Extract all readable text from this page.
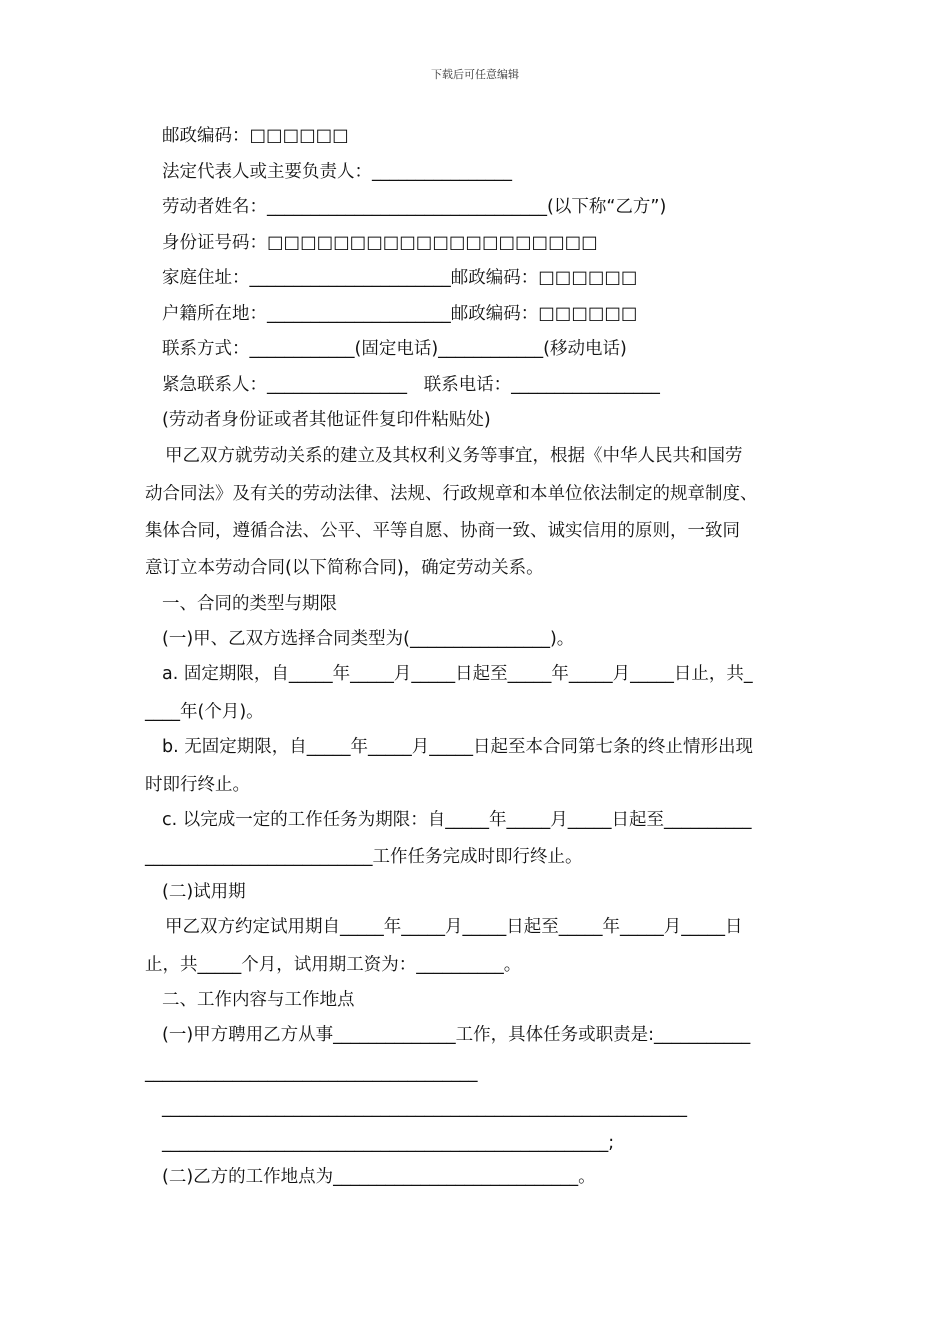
下载后可任意编辑
邮政编码：□□□□□□
法定代表人或主要负责人：________________
劳动者姓名：________________________________(以下称“乙方”)
身份证号码：□□□□□□□□□□□□□□□□□□□□
家庭住址：_______________________邮政编码：□□□□□□
户籍所在地：_____________________邮政编码：□□□□□□
联系方式：____________(固定电话)____________(移动电话)
紧急联系人：________________   联系电话：_________________
(劳动者身份证或者其他证件复印件粘贴处)
甲乙双方就劳动关系的建立及其权利义务等事宜，根据《中华人民共和国劳
动合同法》及有关的劳动法律、法规、行政规章和本单位依法制定的规章制度、
集体合同，遵循合法、公平、平等自愿、协商一致、诚实信用的原则，一致同
意订立本劳动合同(以下简称合同)，确定劳动关系。
一、合同的类型与期限
(一)甲、乙双方选择合同类型为(________________)。
a. 固定期限，自_____年_____月_____日起至_____年_____月_____日止，共_
____年(个月)。
b. 无固定期限，自_____年_____月_____日起至本合同第七条的终止情形出现
时即行终止。
c. 以完成一定的工作任务为期限：自_____年_____月_____日起至__________
__________________________工作任务完成时即行终止。
(二)试用期
甲乙双方约定试用期自_____年_____月_____日起至_____年_____月_____日
止，共_____个月，试用期工资为：__________。
二、工作内容与工作地点
(一)甲方聘用乙方从事______________工作，具体任务或职责是:___________
______________________________________
____________________________________________________________
___________________________________________________;
(二)乙方的工作地点为____________________________。
